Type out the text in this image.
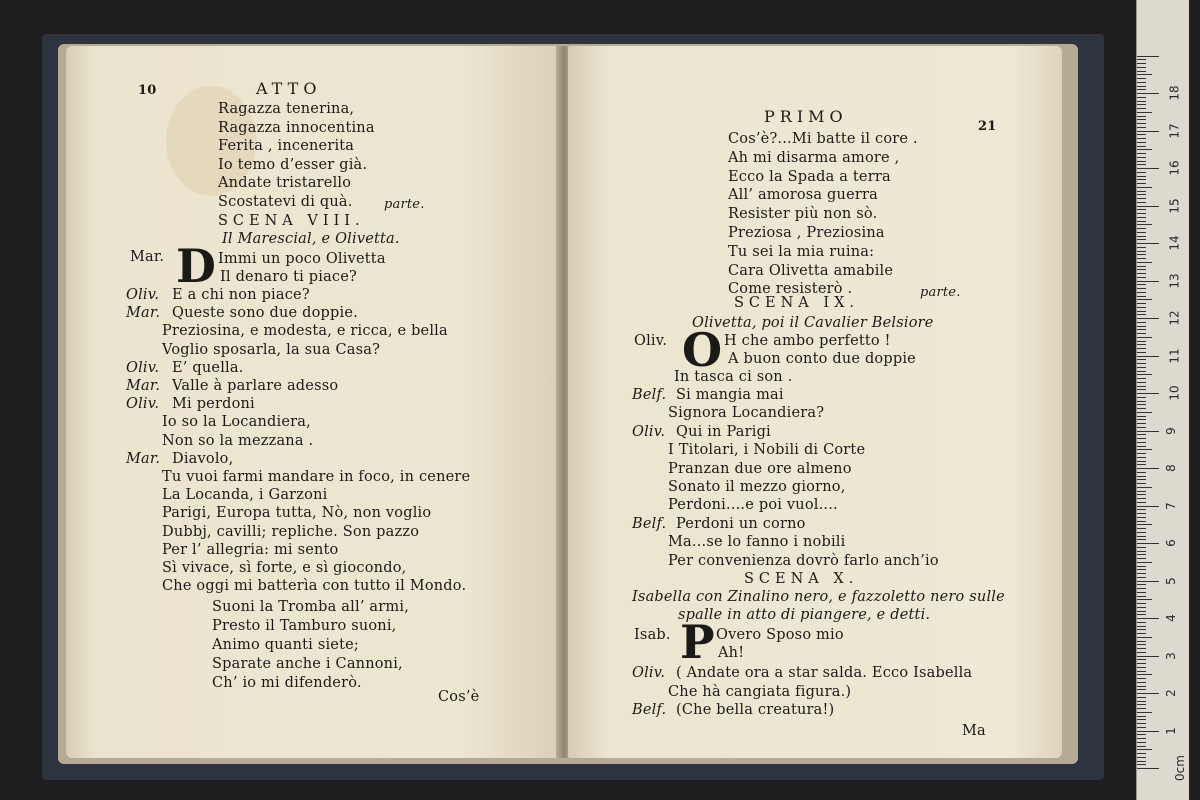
10	ATTO
Ragazza tenerina,
Ragazza innocentina
Ferita , incenerita
Io temo d’esser già.
Andate tristarello
Scostatevi di quà. parte.
SCENA VIII.
Il Marescial, e Olivetta.
Mar. D Immi un poco Olivetta
Il denaro ti piace?
Oliv. E a chi non piace?
Mar. Queste sono due doppie.
Preziosina, e modesta, e ricca, e bella
Voglio sposarla, la sua Casa?
Oliv. E’ quella.
Mar. Valle à parlare adesso
Oliv. Mi perdoni
Io so la Locandiera,
Non so la mezzana .
Mar. Diavolo,
Tu vuoi farmi mandare in foco, in cenere
La Locanda, i Garzoni
Parigi, Europa tutta, Nò, non voglio
Dubbj, cavilli; repliche. Son pazzo
Per l’ allegria: mi sento
Sì vivace, sì forte, e sì giocondo,
Che oggi mi batterìa con tutto il Mondo.
Suoni la Tromba all’ armi,
Presto il Tamburo suoni,
Animo quanti siete;
Sparate anche i Cannoni,
Ch’ io mi difenderò.
Cos’è
PRIMO
21
Cos’è?...Mi batte il core .
Ah mi disarma amore ,
Ecco la Spada a terra
All’ amorosa guerra
Resister più non sò.
Preziosa , Preziosina
Tu sei la mia ruina:
Cara Olivetta amabile
Come resisterò .	parte.
SCENA IX.
Olivetta, poi il Cavalier Belsiore
Oliv. O H che ambo perfetto !
A buon conto due doppie
In tasca ci son .
Belf. Si mangia mai
Signora Locandiera?
Oliv. Qui in Parigi
I Titolari, i Nobili di Corte
Pranzan due ore almeno
Sonato il mezzo giorno,
Perdoni....e poi vuol....
Belf. Perdoni un corno
Ma...se lo fanno i nobili
Per convenienza dovrò farlo anch’io
SCENA X.
Isabella con Zinalino nero, e fazzoletto nero sulle
spalle in atto di piangere, e detti.
Isab. P Overo Sposo mio
Ah!
Oliv. ( Andate ora a star salda. Ecco Isabella
Che hà cangiata figura.)
Belf. (Che bella creatura!)
Ma
18
17
16
15
14
13
12
11
10
9
8
7
6
5
4
3
2
1
0cm
